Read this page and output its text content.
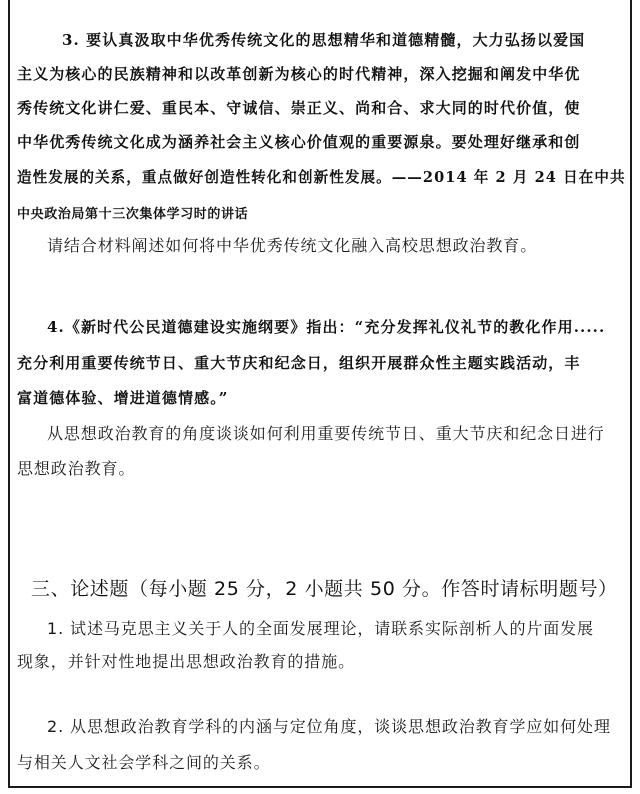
3. 要认真汲取中华优秀传统文化的思想精华和道德精髓，大力弘扬以爱国
主义为核心的民族精神和以改革创新为核心的时代精神，深入挖掘和阐发中华优
秀传统文化讲仁爱、重民本、守诚信、崇正义、尚和合、求大同的时代价值，使
中华优秀传统文化成为涵养社会主义核心价值观的重要源泉。要处理好继承和创
造性发展的关系，重点做好创造性转化和创新性发展。——2014 年 2 月 24 日在中共
中央政治局第十三次集体学习时的讲话
请结合材料阐述如何将中华优秀传统文化融入高校思想政治教育。
4.《新时代公民道德建设实施纲要》指出：“充分发挥礼仪礼节的教化作用.....
充分利用重要传统节日、重大节庆和纪念日，组织开展群众性主题实践活动，丰
富道德体验、增进道德情感。”
从思想政治教育的角度谈谈如何利用重要传统节日、重大节庆和纪念日进行
思想政治教育。
三、论述题（每小题 25 分，2 小题共 50 分。作答时请标明题号）
1. 试述马克思主义关于人的全面发展理论，请联系实际剖析人的片面发展
现象，并针对性地提出思想政治教育的措施。
2. 从思想政治教育学科的内涵与定位角度，谈谈思想政治教育学应如何处理
与相关人文社会学科之间的关系。
